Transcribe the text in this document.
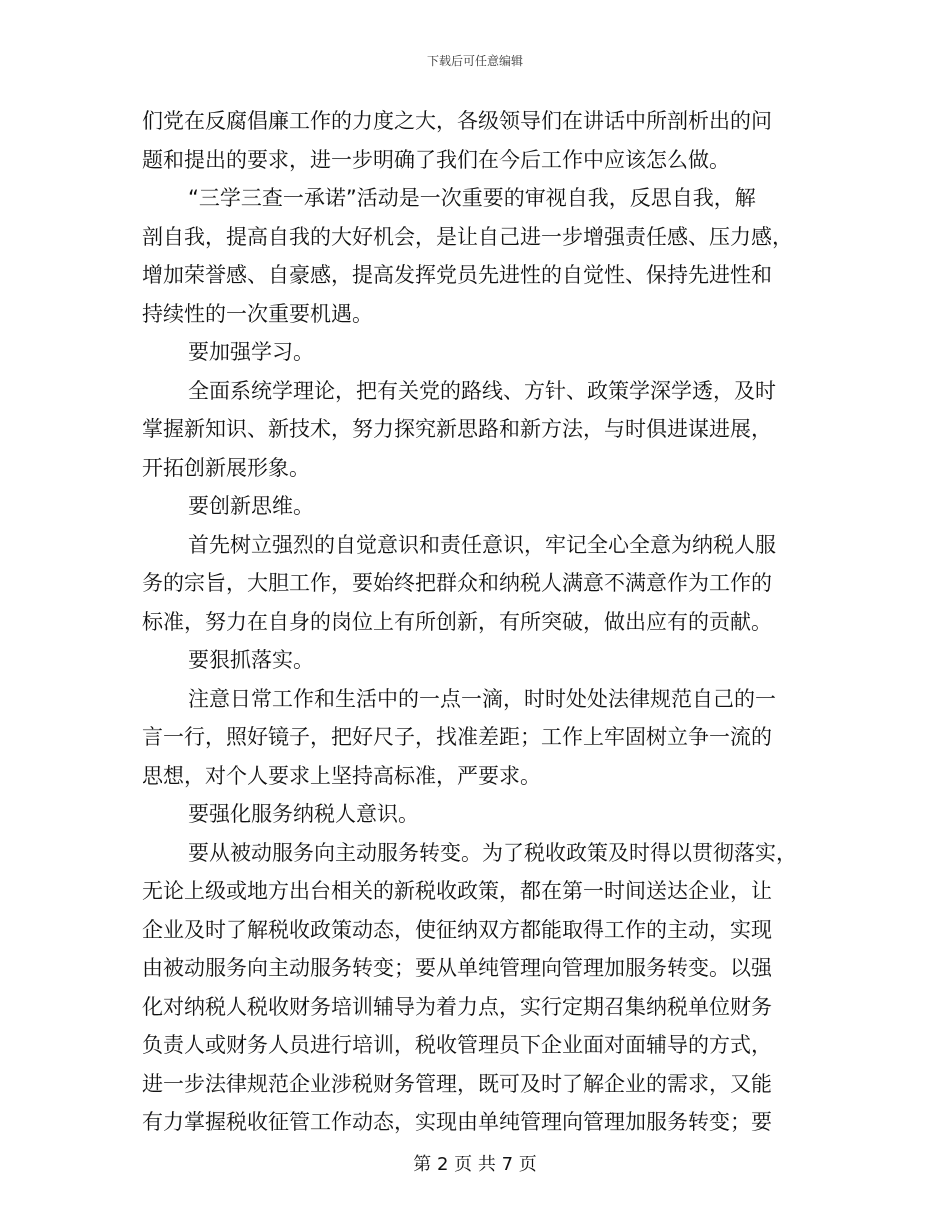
下载后可任意编辑
们党在反腐倡廉工作的力度之大，各级领导们在讲话中所剖析出的问
题和提出的要求，进一步明确了我们在今后工作中应该怎么做。
“三学三查一承诺”活动是一次重要的审视自我，反思自我，解
剖自我，提高自我的大好机会，是让自己进一步增强责任感、压力感，
增加荣誉感、自豪感，提高发挥党员先进性的自觉性、保持先进性和
持续性的一次重要机遇。
要加强学习。
全面系统学理论，把有关党的路线、方针、政策学深学透，及时
掌握新知识、新技术，努力探究新思路和新方法，与时俱进谋进展，
开拓创新展形象。
要创新思维。
首先树立强烈的自觉意识和责任意识，牢记全心全意为纳税人服
务的宗旨，大胆工作，要始终把群众和纳税人满意不满意作为工作的
标准，努力在自身的岗位上有所创新，有所突破，做出应有的贡献。
要狠抓落实。
注意日常工作和生活中的一点一滴，时时处处法律规范自己的一
言一行，照好镜子，把好尺子，找准差距；工作上牢固树立争一流的
思想，对个人要求上坚持高标准，严要求。
要强化服务纳税人意识。
要从被动服务向主动服务转变。为了税收政策及时得以贯彻落实，
无论上级或地方出台相关的新税收政策，都在第一时间送达企业，让
企业及时了解税收政策动态，使征纳双方都能取得工作的主动，实现
由被动服务向主动服务转变；要从单纯管理向管理加服务转变。以强
化对纳税人税收财务培训辅导为着力点，实行定期召集纳税单位财务
负责人或财务人员进行培训，税收管理员下企业面对面辅导的方式，
进一步法律规范企业涉税财务管理，既可及时了解企业的需求，又能
有力掌握税收征管工作动态，实现由单纯管理向管理加服务转变；要
第 2 页 共 7 页
